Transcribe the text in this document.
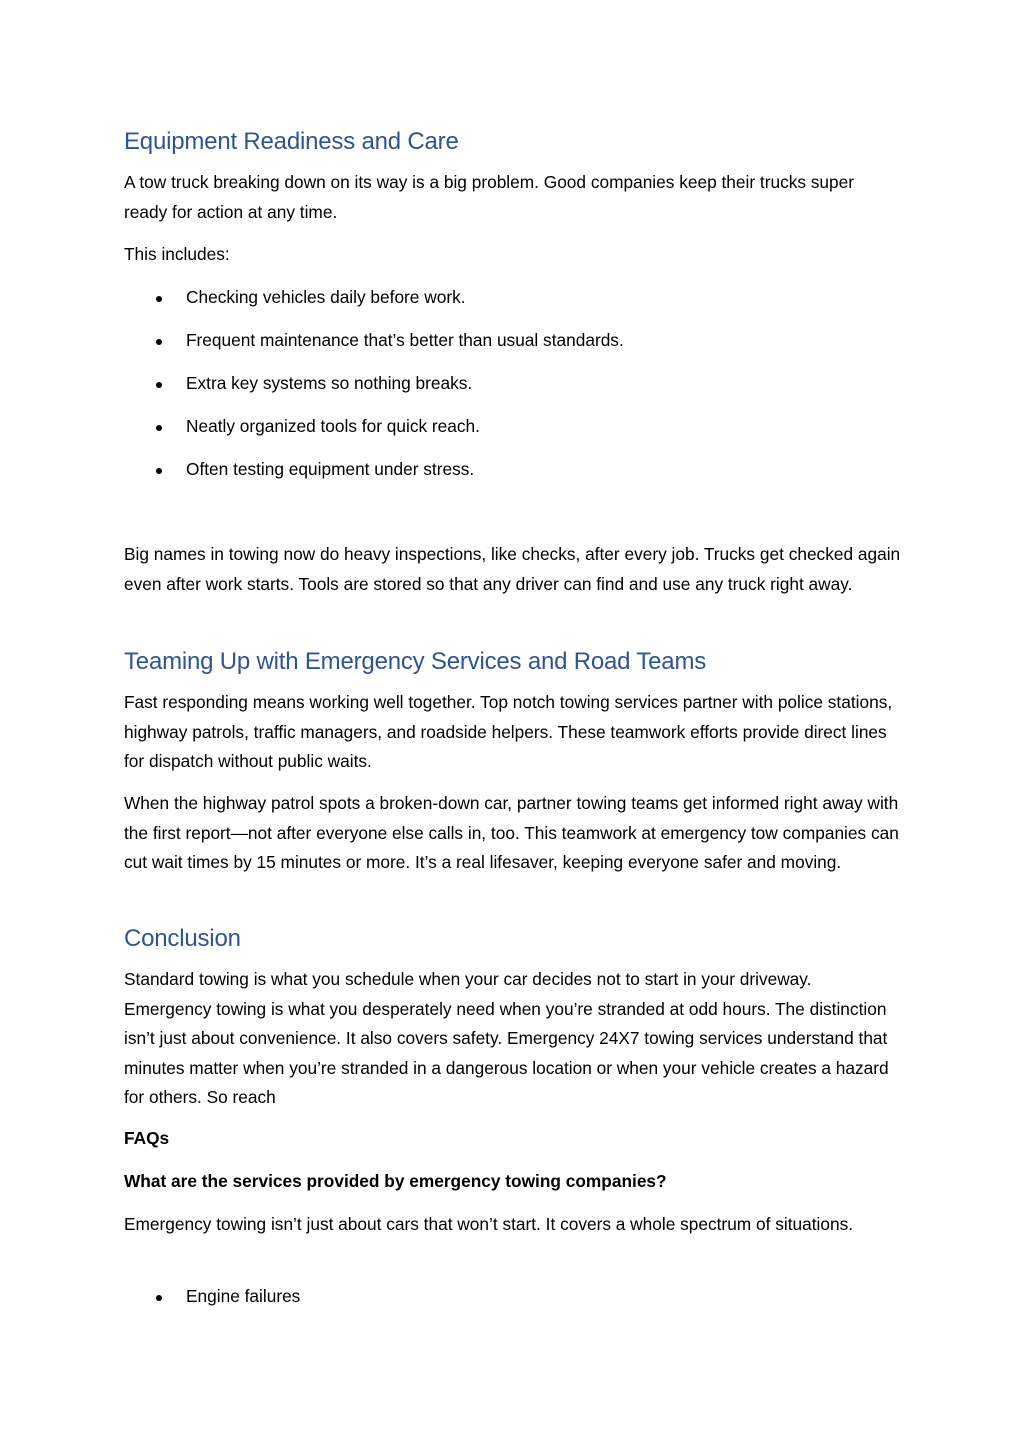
Equipment Readiness and Care

A tow truck breaking down on its way is a big problem. Good companies keep their trucks super ready for action at any time.

This includes:

Checking vehicles daily before work.
Frequent maintenance that’s better than usual standards.
Extra key systems so nothing breaks.
Neatly organized tools for quick reach.
Often testing equipment under stress.

Big names in towing now do heavy inspections, like checks, after every job. Trucks get checked again even after work starts. Tools are stored so that any driver can find and use any truck right away.

Teaming Up with Emergency Services and Road Teams

Fast responding means working well together. Top notch towing services partner with police stations, highway patrols, traffic managers, and roadside helpers. These teamwork efforts provide direct lines for dispatch without public waits.

When the highway patrol spots a broken-down car, partner towing teams get informed right away with the first report—not after everyone else calls in, too. This teamwork at emergency tow companies can cut wait times by 15 minutes or more. It’s a real lifesaver, keeping everyone safer and moving.

Conclusion

Standard towing is what you schedule when your car decides not to start in your driveway. Emergency towing is what you desperately need when you’re stranded at odd hours. The distinction isn’t just about convenience. It also covers safety. Emergency 24X7 towing services understand that minutes matter when you’re stranded in a dangerous location or when your vehicle creates a hazard for others. So reach

FAQs

What are the services provided by emergency towing companies?

Emergency towing isn’t just about cars that won’t start. It covers a whole spectrum of situations.

Engine failures
